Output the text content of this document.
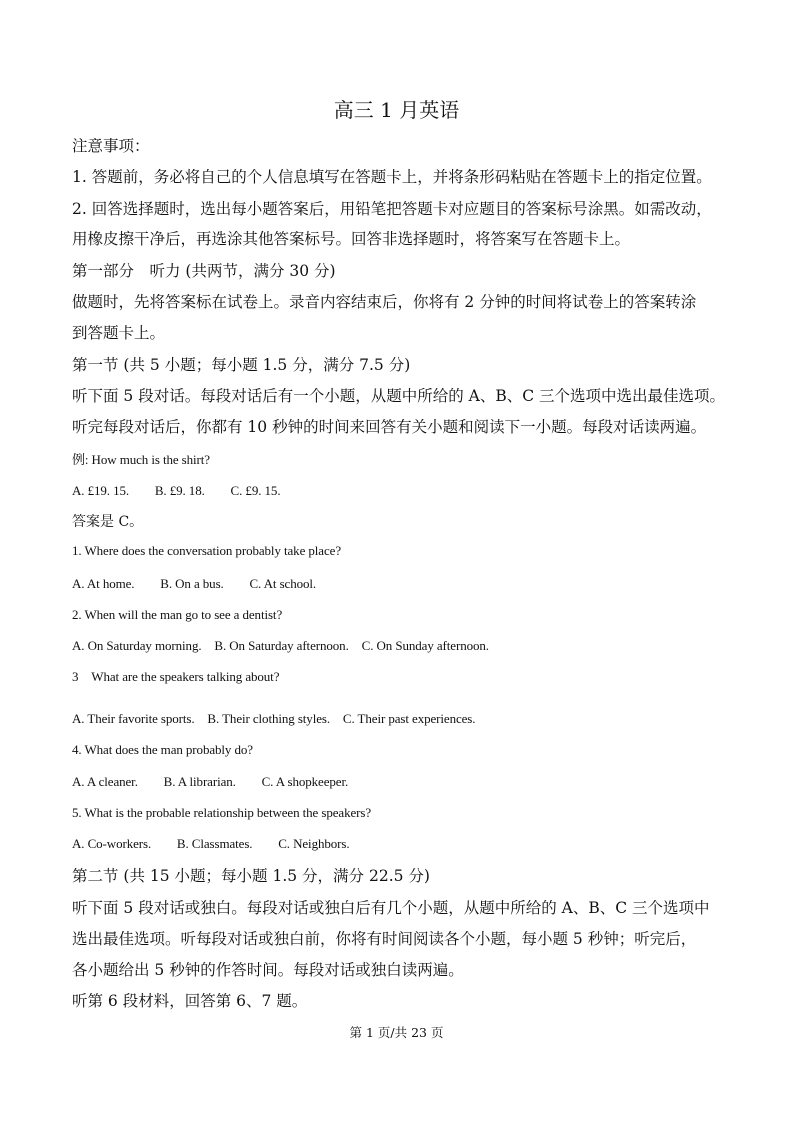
高三 1 月英语
注意事项：
1. 答题前，务必将自己的个人信息填写在答题卡上，并将条形码粘贴在答题卡上的指定位置。
2. 回答选择题时，选出每小题答案后，用铅笔把答题卡对应题目的答案标号涂黑。如需改动，
用橡皮擦干净后，再选涂其他答案标号。回答非选择题时，将答案写在答题卡上。
第一部分　听力 (共两节，满分 30 分)
做题时，先将答案标在试卷上。录音内容结束后，你将有 2 分钟的时间将试卷上的答案转涂
到答题卡上。
第一节 (共 5 小题；每小题 1.5 分，满分 7.5 分)
听下面 5 段对话。每段对话后有一个小题，从题中所给的 A、B、C 三个选项中选出最佳选项。
听完每段对话后，你都有 10 秒钟的时间来回答有关小题和阅读下一小题。每段对话读两遍。
例: How much is the shirt?
A. £19. 15.　　B. £9. 18.　　C. £9. 15.
答案是 C。
1. Where does the conversation probably take place?
A. At home.　　B. On a bus.　　C. At school.
2. When will the man go to see a dentist?
A. On Saturday morning.　B. On Saturday afternoon.　C. On Sunday afternoon.
3　What are the speakers talking about?
A. Their favorite sports.　B. Their clothing styles.　C. Their past experiences.
4. What does the man probably do?
A. A cleaner.　　B. A librarian.　　C. A shopkeeper.
5. What is the probable relationship between the speakers?
A. Co-workers.　　B. Classmates.　　C. Neighbors.
第二节 (共 15 小题；每小题 1.5 分，满分 22.5 分)
听下面 5 段对话或独白。每段对话或独白后有几个小题，从题中所给的 A、B、C 三个选项中
选出最佳选项。听每段对话或独白前，你将有时间阅读各个小题，每小题 5 秒钟；听完后，
各小题给出 5 秒钟的作答时间。每段对话或独白读两遍。
听第 6 段材料，回答第 6、7 题。
第 1 页/共 23 页
